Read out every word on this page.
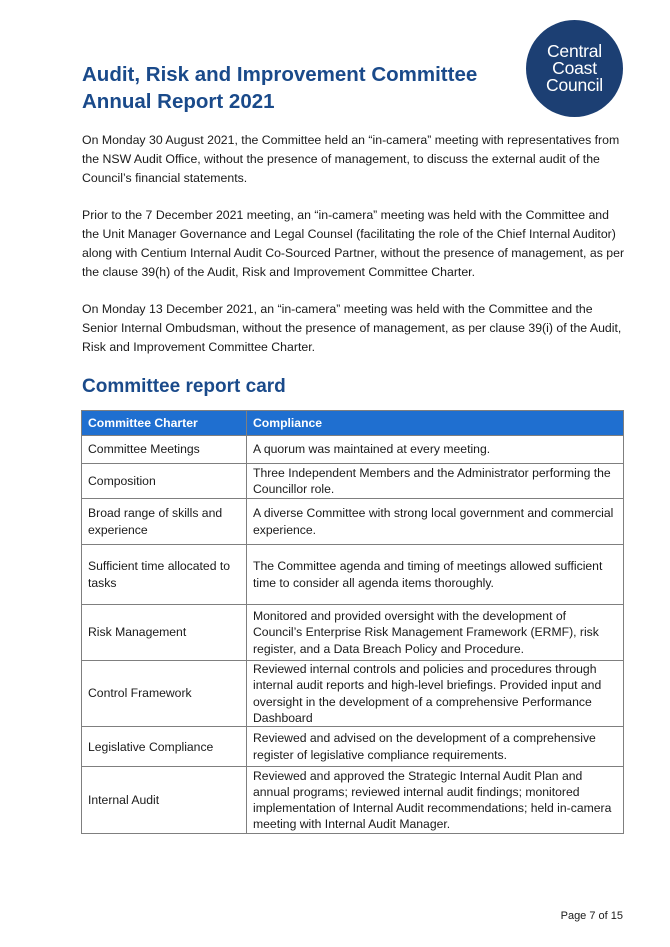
Central
Coast
Council
Audit, Risk and Improvement Committee
Annual Report 2021

On Monday 30 August 2021, the Committee held an “in-camera” meeting with representatives from the NSW Audit Office, without the presence of management, to discuss the external audit of the Council’s financial statements.

Prior to the 7 December 2021 meeting, an “in-camera” meeting was held with the Committee and the Unit Manager Governance and Legal Counsel (facilitating the role of the Chief Internal Auditor) along with Centium Internal Audit Co-Sourced Partner, without the presence of management, as per the clause 39(h) of the Audit, Risk and Improvement Committee Charter.

On Monday 13 December 2021, an “in-camera” meeting was held with the Committee and the Senior Internal Ombudsman, without the presence of management, as per clause 39(i) of the Audit, Risk and Improvement Committee Charter.

Committee report card
Committee Charter	Compliance
Committee Meetings	A quorum was maintained at every meeting.
Composition	Three Independent Members and the Administrator performing the Councillor role.
Broad range of skills and experience	A diverse Committee with strong local government and commercial experience.
Sufficient time allocated to tasks	The Committee agenda and timing of meetings allowed sufficient time to consider all agenda items thoroughly.
Risk Management	Monitored and provided oversight with the development of Council’s Enterprise Risk Management Framework (ERMF), risk register, and a Data Breach Policy and Procedure.
Control Framework	Reviewed internal controls and policies and procedures through internal audit reports and high-level briefings. Provided input and oversight in the development of a comprehensive Performance Dashboard
Legislative Compliance	Reviewed and advised on the development of a comprehensive register of legislative compliance requirements.
Internal Audit	Reviewed and approved the Strategic Internal Audit Plan and annual programs; reviewed internal audit findings; monitored implementation of Internal Audit recommendations; held in-camera meeting with Internal Audit Manager.
Page 7 of 15
